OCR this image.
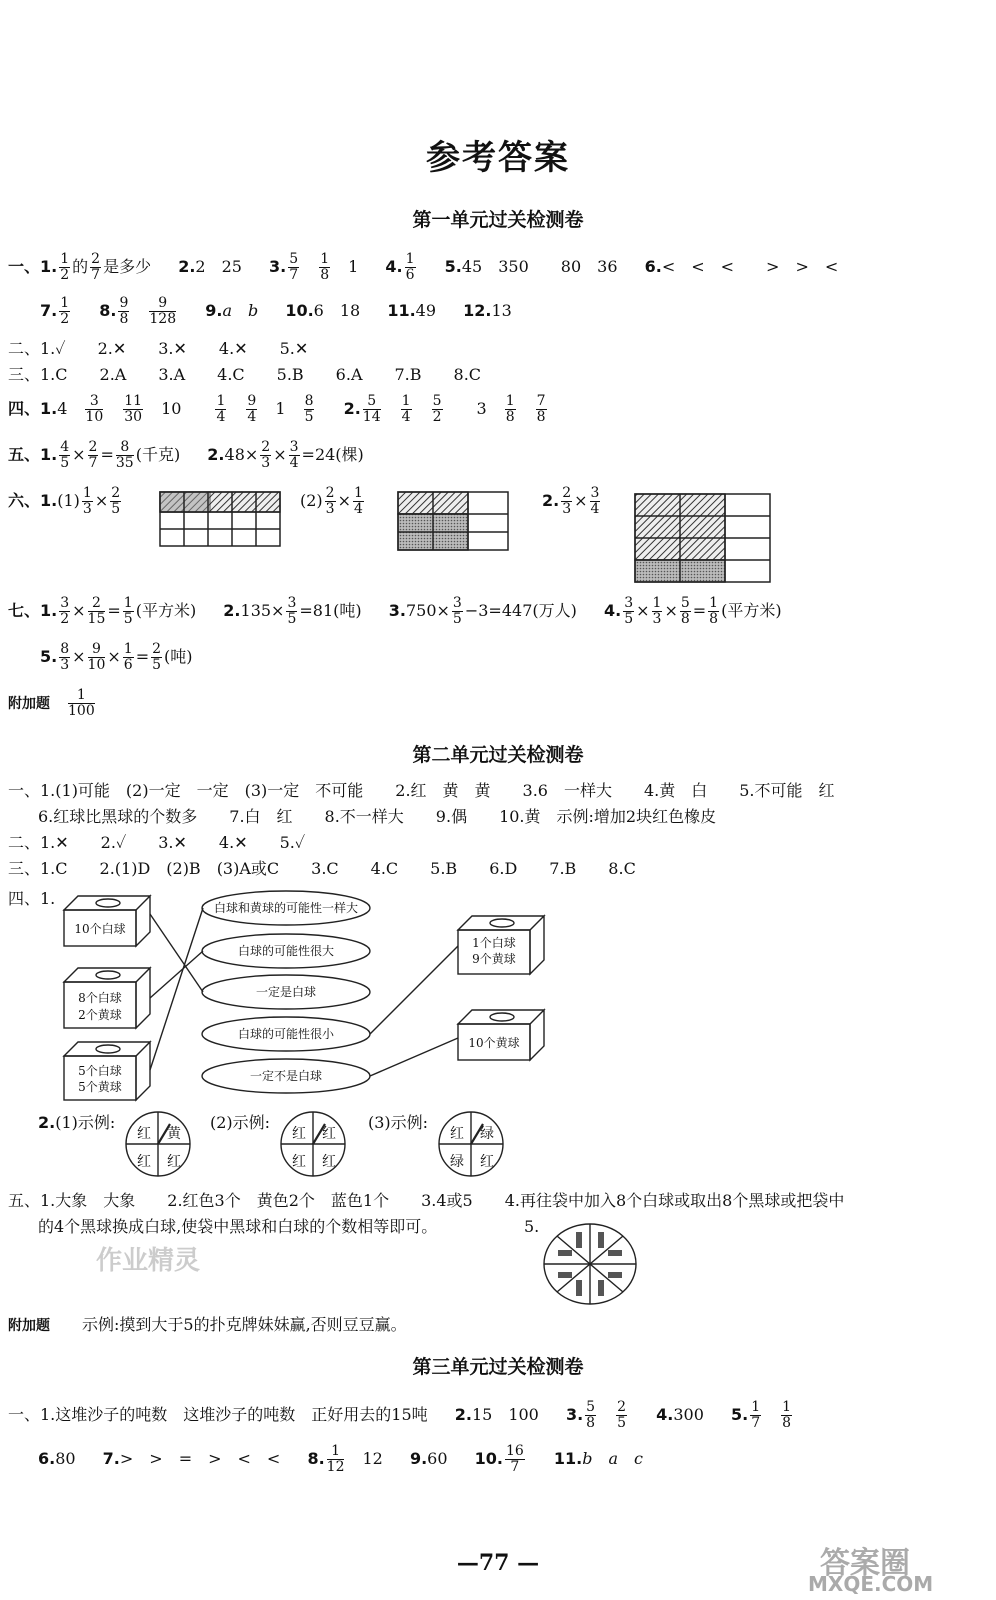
参考答案
第一单元过关检测卷
一、1. $\frac{1}{2}$ 的 $\frac{2}{7}$ 是多少 2.2　25 3. $\frac{5}{7}$
　 $\frac{1}{8}$
　 1 4. $\frac{1}{6} 5.45$　350　　80　36 6.<　<　<　　>　>　<
7. $\frac{1}{2} 8$. $\frac{9}{8}$
　 $\frac{9}{128} 9.a$　b 10.6　18 11.49 12.13
二、1.✓　　2.✕　　3.✕　　4.✕　　5.✕
三、1.C　　2.A　　3.A　　4.C　　5.B　　6.A　　7.B　　8.C
四、1.4　 $\frac{3}{10}$
　 $\frac{11}{30}$
　 10　　 $\frac{1}{4}$
　 $\frac{9}{4}$
　 1　 $\frac{8}{5} 2$. $\frac{5}{14}$
　 $\frac{1}{4}$
　 $\frac{5}{2}$
　　 3　 $\frac{1}{8}$
　 $\frac{7}{8}$
五、1. $\frac{4}{5} \times \frac{2}{7} = \frac{8}{35}$ (千克) $2.48\times \frac{2}{3} \times \frac{3}{4} =24$(棵)
六、$1.(1) \frac{1}{3} \times \frac{2}{5}$	$(2) \frac{2}{3} \times \frac{1}{4}$	2. $\frac{2}{3} \times \frac{3}{4}$
七、1. $\frac{3}{2} \times \frac{2}{15} = \frac{1}{5}$ (平方米) $2.135\times \frac{3}{5} =81$(吨) $3.750\times \frac{3}{5} -3=447$(万人) 4. $\frac{3}{5} \times \frac{1}{3} \times \frac{5}{8} = \frac{1}{8}$ (平方米)
5. $\frac{8}{3} \times \frac{9}{10} \times \frac{1}{6} = \frac{2}{5}$ (吨)
附加题　 $\frac{1}{100}$
第二单元过关检测卷
一、1.(1)可能　(2)一定　一定　(3)一定　不可能　　2.红　黄　黄　　3.6　一样大　　4.黄　白　　5.不可能　红
6.红球比黑球的个数多　　7.白　红　　8.不一样大　　9.偶　　10.黄　示例:增加2块红色橡皮
二、1.✕　　2.✓　　3.✕　　4.✕　　5.✓
三、1.C　　2.(1)D　(2)B　(3)A或C　　3.C　　4.C　　5.B　　6.D　　7.B　　8.C
四、1.
10个白球
8个白球
2个黄球
5个白球
5个黄球
1个白球
9个黄球
10个黄球
白球和黄球的可能性一样大
白球的可能性很大
一定是白球
白球的可能性很小
一定不是白球
2.(1)示例:	(2)示例:	(3)示例:
红 黄
红 红
红 红
红 红
红 绿
绿 红
五、1.大象　大象　　2.红色3个　黄色2个　蓝色1个　　3.4或5　　4.再往袋中加入8个白球或取出8个黑球或把袋中
的4个黑球换成白球,使袋中黑球和白球的个数相等即可。	5.
作业精灵
附加题　　 示例:摸到大于5的扑克牌妹妹赢,否则豆豆赢。
第三单元过关检测卷
一、1.这堆沙子的吨数　这堆沙子的吨数　正好用去的15吨 2.15　100 3. $\frac{5}{8}$
　 $\frac{2}{5} 4.300$ 5. $\frac{1}{7}$
　 $\frac{1}{8}$
6.80 7.>　>　=　>　<　< 8. $\frac{1}{12}$
　 12 9.60 10. $\frac{16}{7} 11.b$　a　c
—77 —	答案圈
MXQE.COM
